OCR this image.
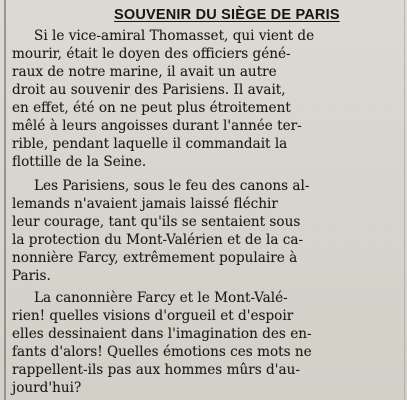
SOUVENIR DU SIÈGE DE PARIS

Si le vice-amiral Thomasset, qui vient de

mourir, était le doyen des officiers géné-

raux de notre marine, il avait un autre

droit au souvenir des Parisiens. Il avait,

en effet, été on ne peut plus étroitement

mêlé à leurs angoisses durant l'année ter-

rible, pendant laquelle il commandait la

flottille de la Seine.

Les Parisiens, sous le feu des canons al-

lemands n'avaient jamais laissé fléchir

leur courage, tant qu'ils se sentaient sous

la protection du Mont-Valérien et de la ca-

nonnière Farcy, extrêmement populaire à

Paris.

La canonnière Farcy et le Mont-Valé-

rien! quelles visions d'orgueil et d'espoir

elles dessinaient dans l'imagination des en-

fants d'alors! Quelles émotions ces mots ne

rappellent-ils pas aux hommes mûrs d'au-

jourd'hui?
